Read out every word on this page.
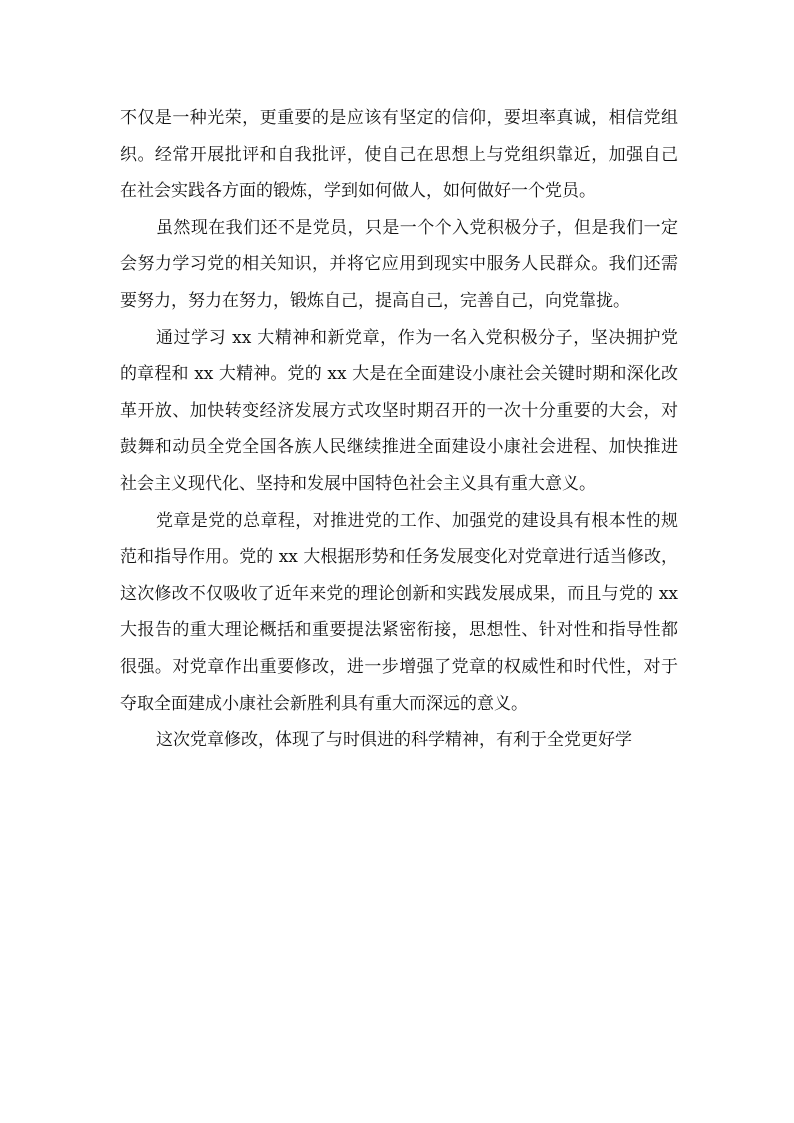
不仅是一种光荣，更重要的是应该有坚定的信仰，要坦率真诚，相信党组织。经常开展批评和自我批评，使自己在思想上与党组织靠近，加强自己在社会实践各方面的锻炼，学到如何做人，如何做好一个党员。

虽然现在我们还不是党员，只是一个个入党积极分子，但是我们一定会努力学习党的相关知识，并将它应用到现实中服务人民群众。我们还需要努力，努力在努力，锻炼自己，提高自己，完善自己，向党靠拢。

通过学习 xx 大精神和新党章，作为一名入党积极分子，坚决拥护党的章程和 xx 大精神。党的 xx 大是在全面建设小康社会关键时期和深化改革开放、加快转变经济发展方式攻坚时期召开的一次十分重要的大会，对鼓舞和动员全党全国各族人民继续推进全面建设小康社会进程、加快推进社会主义现代化、坚持和发展中国特色社会主义具有重大意义。

党章是党的总章程，对推进党的工作、加强党的建设具有根本性的规范和指导作用。党的 xx 大根据形势和任务发展变化对党章进行适当修改，这次修改不仅吸收了近年来党的理论创新和实践发展成果，而且与党的 xx 大报告的重大理论概括和重要提法紧密衔接，思想性、针对性和指导性都很强。对党章作出重要修改，进一步增强了党章的权威性和时代性，对于夺取全面建成小康社会新胜利具有重大而深远的意义。

这次党章修改，体现了与时俱进的科学精神，有利于全党更好学
